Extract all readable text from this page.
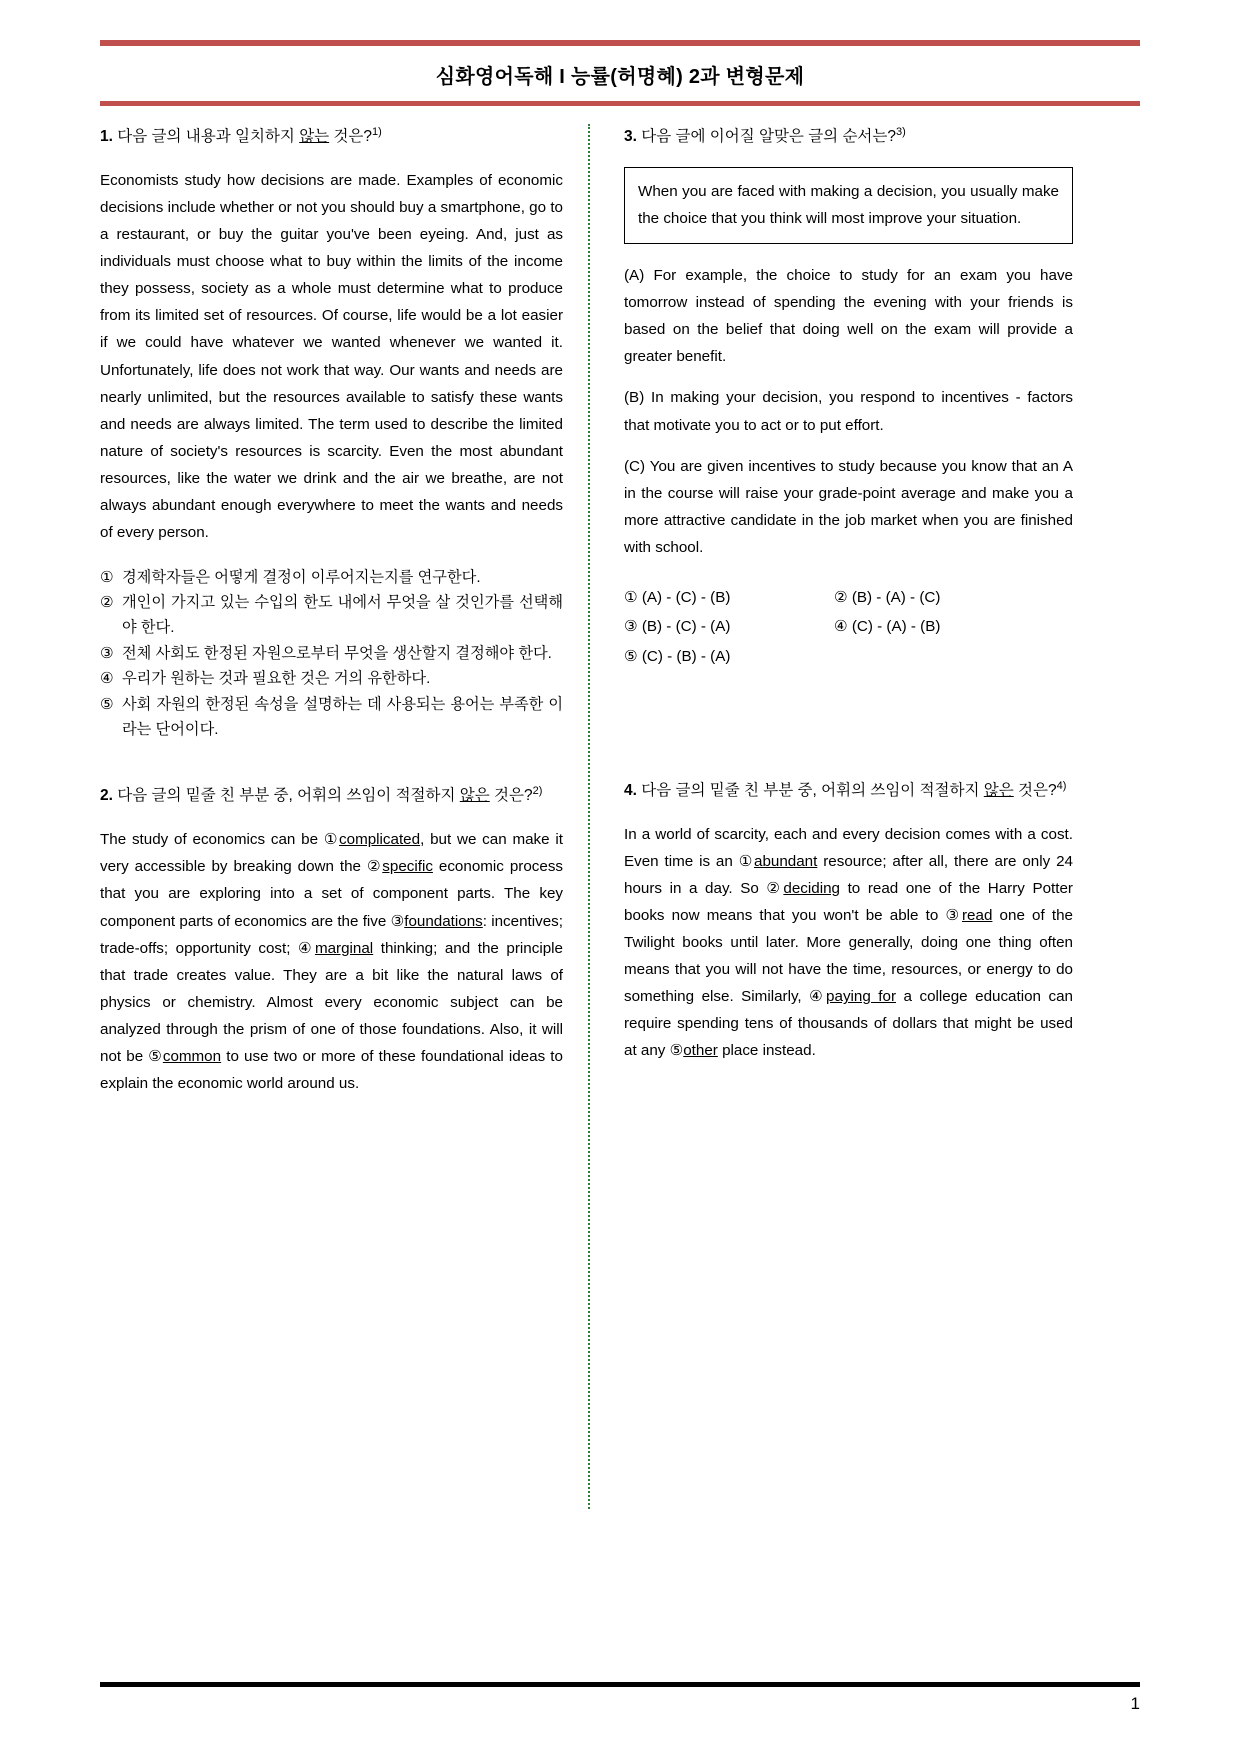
심화영어독해 I 능률(허명혜) 2과 변형문제
1. 다음 글의 내용과 일치하지 않는 것은?$^{1)}$
Economists study how decisions are made. Examples of economic decisions include whether or not you should buy a smartphone, go to a restaurant, or buy the guitar you've been eyeing. And, just as individuals must choose what to buy within the limits of the income they possess, society as a whole must determine what to produce from its limited set of resources. Of course, life would be a lot easier if we could have whatever we wanted whenever we wanted it. Unfortunately, life does not work that way. Our wants and needs are nearly unlimited, but the resources available to satisfy these wants and needs are always limited. The term used to describe the limited nature of society's resources is scarcity. Even the most abundant resources, like the water we drink and the air we breathe, are not always abundant enough everywhere to meet the wants and needs of every person.
① 경제학자들은 어떻게 결정이 이루어지는지를 연구한다.
② 개인이 가지고 있는 수입의 한도 내에서 무엇을 살 것인가를 선택해야 한다.
③ 전체 사회도 한정된 자원으로부터 무엇을 생산할지 결정해야 한다.
④ 우리가 원하는 것과 필요한 것은 거의 유한하다.
⑤ 사회 자원의 한정된 속성을 설명하는 데 사용되는 용어는 부족한 이라는 단어이다.
2. 다음 글의 밑줄 친 부분 중, 어휘의 쓰임이 적절하지 않은 것은?$^{2)}$
The study of economics can be ①complicated, but we can make it very accessible by breaking down the ②specific economic process that you are exploring into a set of component parts. The key component parts of economics are the five ③foundations: incentives; trade-offs; opportunity cost; ④marginal thinking; and the principle that trade creates value. They are a bit like the natural laws of physics or chemistry. Almost every economic subject can be analyzed through the prism of one of those foundations. Also, it will not be ⑤common to use two or more of these foundational ideas to explain the economic world around us.
3. 다음 글에 이어질 알맞은 글의 순서는?$^{3)}$
When you are faced with making a decision, you usually make the choice that you think will most improve your situation.
(A) For example, the choice to study for an exam you have tomorrow instead of spending the evening with your friends is based on the belief that doing well on the exam will provide a greater benefit.
(B) In making your decision, you respond to incentives - factors that motivate you to act or to put effort.
(C) You are given incentives to study because you know that an A in the course will raise your grade-point average and make you a more attractive candidate in the job market when you are finished with school.
① (A) - (C) - (B)	② (B) - (A) - (C)
③ (B) - (C) - (A)	④ (C) - (A) - (B)
⑤ (C) - (B) - (A)
4. 다음 글의 밑줄 친 부분 중, 어휘의 쓰임이 적절하지 않은 것은?$^{4)}$
In a world of scarcity, each and every decision comes with a cost. Even time is an ①abundant resource; after all, there are only 24 hours in a day. So ②deciding to read one of the Harry Potter books now means that you won't be able to ③read one of the Twilight books until later. More generally, doing one thing often means that you will not have the time, resources, or energy to do something else. Similarly, ④paying for a college education can require spending tens of thousands of dollars that might be used at any ⑤other place instead.
1
